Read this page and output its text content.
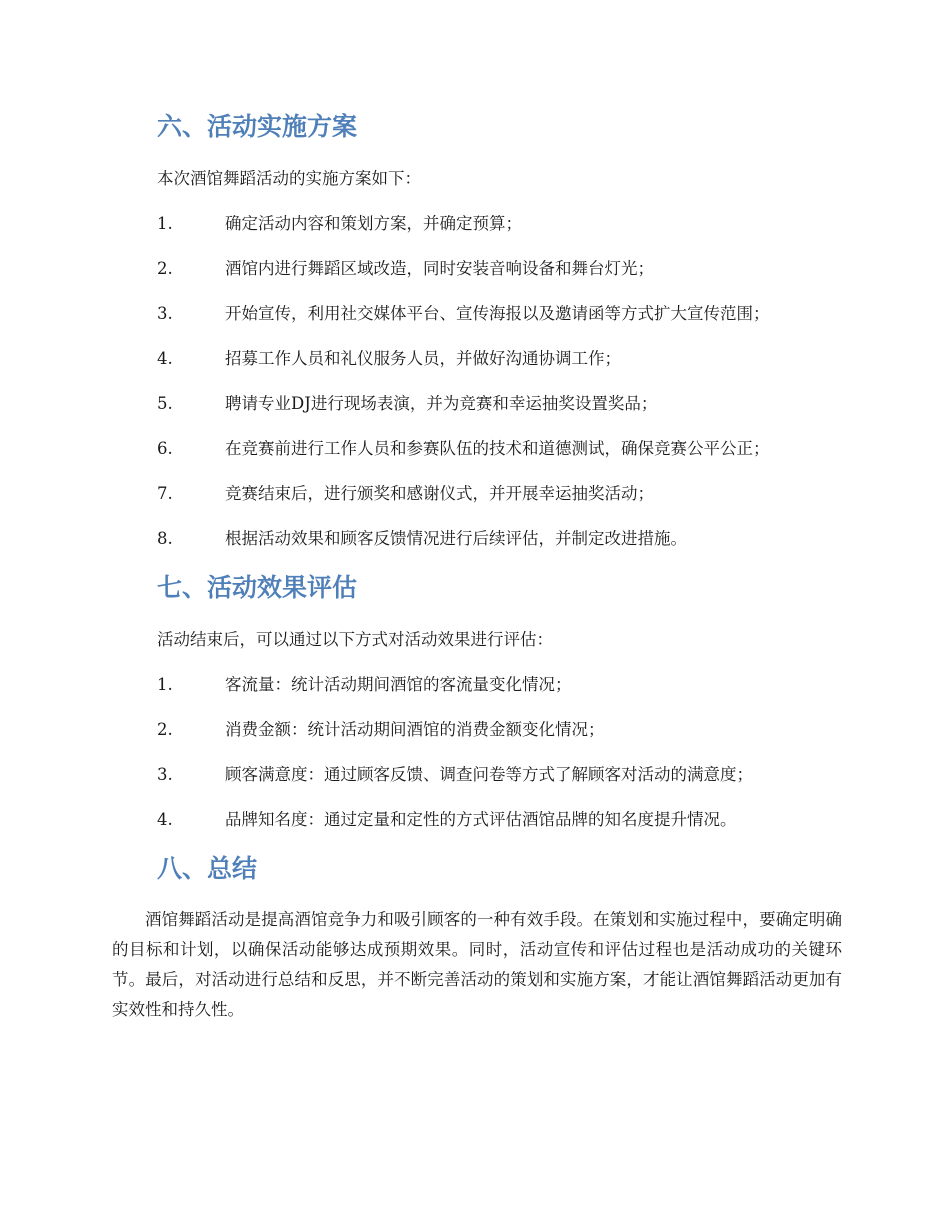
六、活动实施方案

本次酒馆舞蹈活动的实施方案如下：

1.	确定活动内容和策划方案，并确定预算；
2.	酒馆内进行舞蹈区域改造，同时安装音响设备和舞台灯光；
3.	开始宣传，利用社交媒体平台、宣传海报以及邀请函等方式扩大宣传范围；
4.	招募工作人员和礼仪服务人员，并做好沟通协调工作；
5.	聘请专业DJ进行现场表演，并为竞赛和幸运抽奖设置奖品；
6.	在竞赛前进行工作人员和参赛队伍的技术和道德测试，确保竞赛公平公正；
7.	竞赛结束后，进行颁奖和感谢仪式，并开展幸运抽奖活动；
8.	根据活动效果和顾客反馈情况进行后续评估，并制定改进措施。
七、活动效果评估

活动结束后，可以通过以下方式对活动效果进行评估：

1.	客流量：统计活动期间酒馆的客流量变化情况；
2.	消费金额：统计活动期间酒馆的消费金额变化情况；
3.	顾客满意度：通过顾客反馈、调查问卷等方式了解顾客对活动的满意度；
4.	品牌知名度：通过定量和定性的方式评估酒馆品牌的知名度提升情况。
八、总结

酒馆舞蹈活动是提高酒馆竞争力和吸引顾客的一种有效手段。在策划和实施过程中，要确定明确的目标和计划，以确保活动能够达成预期效果。同时，活动宣传和评估过程也是活动成功的关键环节。最后，对活动进行总结和反思，并不断完善活动的策划和实施方案，才能让酒馆舞蹈活动更加有实效性和持久性。
